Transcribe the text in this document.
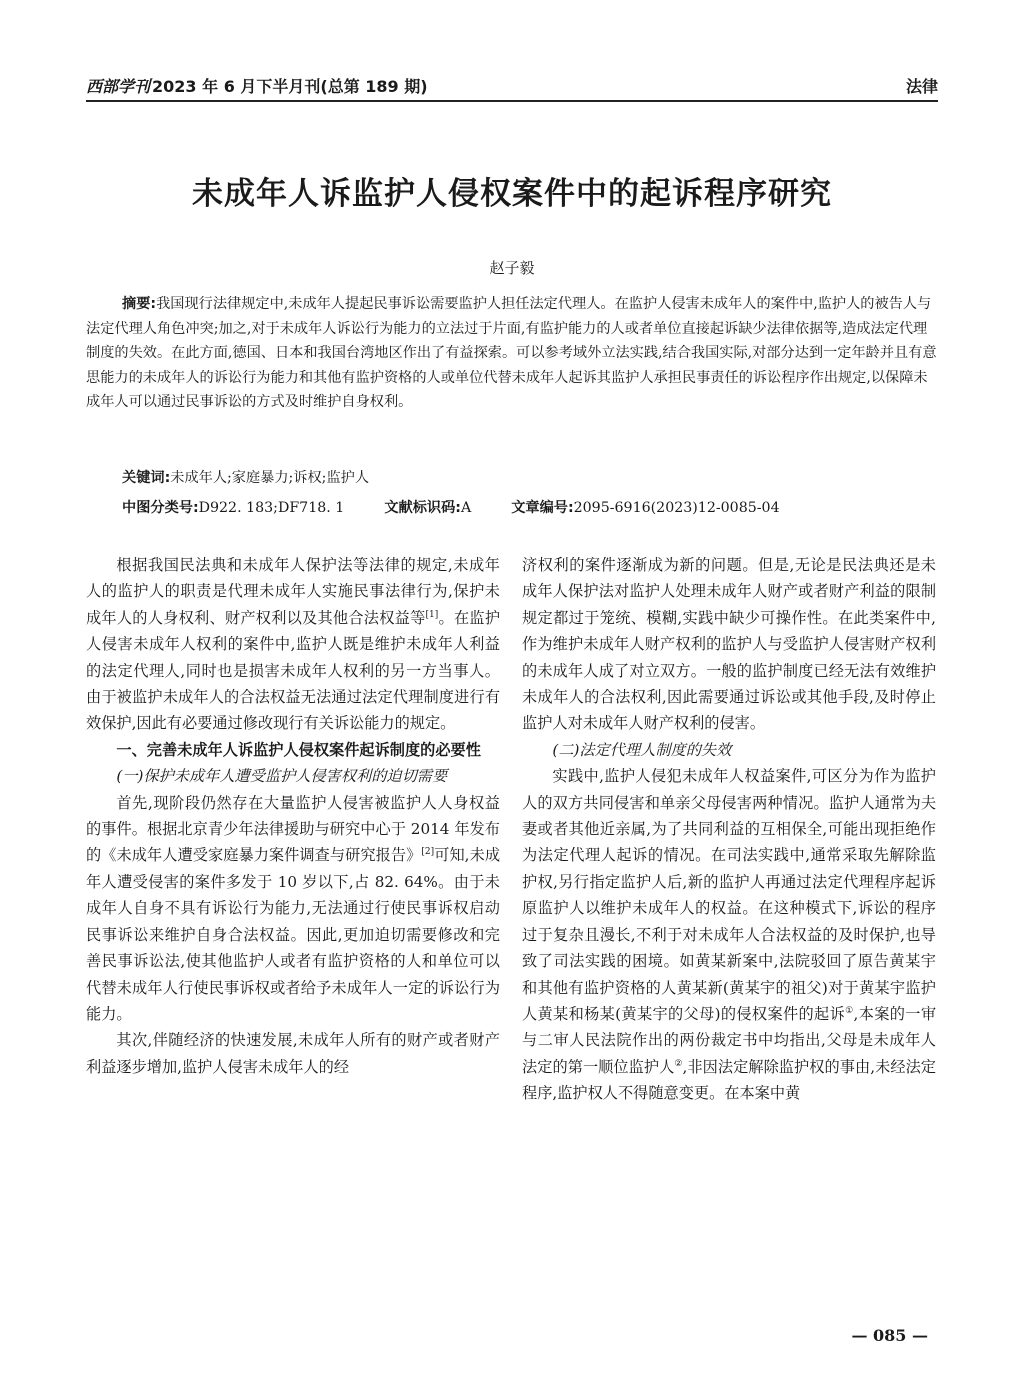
西部学刊 2023 年 6 月下半月刊(总第 189 期)	法律
未成年人诉监护人侵权案件中的起诉程序研究
赵子毅

摘要:我国现行法律规定中,未成年人提起民事诉讼需要监护人担任法定代理人。在监护人侵害未成年人的案件中,监护人的被告人与法定代理人角色冲突;加之,对于未成年人诉讼行为能力的立法过于片面,有监护能力的人或者单位直接起诉缺少法律依据等,造成法定代理制度的失效。在此方面,德国、日本和我国台湾地区作出了有益探索。可以参考域外立法实践,结合我国实际,对部分达到一定年龄并且有意思能力的未成年人的诉讼行为能力和其他有监护资格的人或单位代替未成年人起诉其监护人承担民事责任的诉讼程序作出规定,以保障未成年人可以通过民事诉讼的方式及时维护自身权利。

关键词:未成年人;家庭暴力;诉权;监护人
中图分类号:D922. 183;DF718. 1	文献标识码:A	文章编号:2095-6916(2023)12-0085-04

根据我国民法典和未成年人保护法等法律的规定,未成年人的监护人的职责是代理未成年人实施民事法律行为,保护未成年人的人身权利、财产权利以及其他合法权益等[1]。在监护人侵害未成年人权利的案件中,监护人既是维护未成年人利益的法定代理人,同时也是损害未成年人权利的另一方当事人。由于被监护未成年人的合法权益无法通过法定代理制度进行有效保护,因此有必要通过修改现行有关诉讼能力的规定。

一、完善未成年人诉监护人侵权案件起诉制度的必要性

(一)保护未成年人遭受监护人侵害权利的迫切需要

首先,现阶段仍然存在大量监护人侵害被监护人人身权益的事件。根据北京青少年法律援助与研究中心于 2014 年发布的《未成年人遭受家庭暴力案件调查与研究报告》[2]可知,未成年人遭受侵害的案件多发于 10 岁以下,占 82. 64%。由于未成年人自身不具有诉讼行为能力,无法通过行使民事诉权启动民事诉讼来维护自身合法权益。因此,更加迫切需要修改和完善民事诉讼法,使其他监护人或者有监护资格的人和单位可以代替未成年人行使民事诉权或者给予未成年人一定的诉讼行为能力。

其次,伴随经济的快速发展,未成年人所有的财产或者财产利益逐步增加,监护人侵害未成年人的经

济权利的案件逐渐成为新的问题。但是,无论是民法典还是未成年人保护法对监护人处理未成年人财产或者财产利益的限制规定都过于笼统、模糊,实践中缺少可操作性。在此类案件中,作为维护未成年人财产权利的监护人与受监护人侵害财产权利的未成年人成了对立双方。一般的监护制度已经无法有效维护未成年人的合法权利,因此需要通过诉讼或其他手段,及时停止监护人对未成年人财产权利的侵害。

(二)法定代理人制度的失效

实践中,监护人侵犯未成年人权益案件,可区分为作为监护人的双方共同侵害和单亲父母侵害两种情况。监护人通常为夫妻或者其他近亲属,为了共同利益的互相保全,可能出现拒绝作为法定代理人起诉的情况。在司法实践中,通常采取先解除监护权,另行指定监护人后,新的监护人再通过法定代理程序起诉原监护人以维护未成年人的权益。在这种模式下,诉讼的程序过于复杂且漫长,不利于对未成年人合法权益的及时保护,也导致了司法实践的困境。如黄某新案中,法院驳回了原告黄某宇和其他有监护资格的人黄某新(黄某宇的祖父)对于黄某宇监护人黄某和杨某(黄某宇的父母)的侵权案件的起诉①,本案的一审与二审人民法院作出的两份裁定书中均指出,父母是未成年人法定的第一顺位监护人②,非因法定解除监护权的事由,未经法定程序,监护权人不得随意变更。在本案中黄

— 085 —
